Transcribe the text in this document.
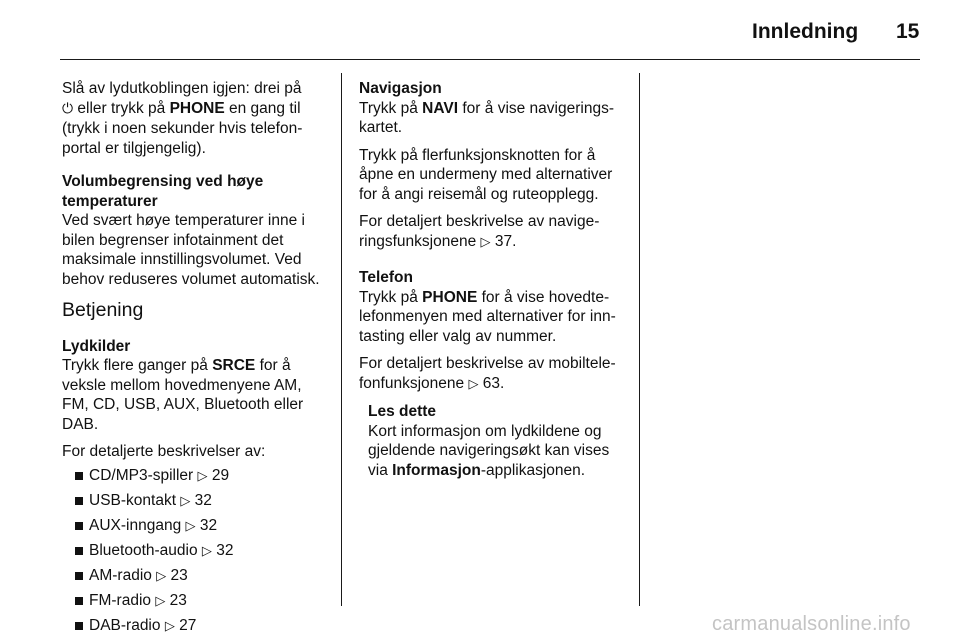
Innledning 15

Slå av lydutkoblingen igjen: drei på
⏻ eller trykk på PHONE en gang til
(trykk i noen sekunder hvis telefon-
portal er tilgjengelig).

Volumbegrensing ved høye
temperaturer
Ved svært høye temperaturer inne i
bilen begrenser infotainment det
maksimale innstillingsvolumet. Ved
behov reduseres volumet automatisk.

Betjening

Lydkilder
Trykk flere ganger på SRCE for å
veksle mellom hovedmenyene AM,
FM, CD, USB, AUX, Bluetooth eller
DAB.

For detaljerte beskrivelser av:

CD/MP3-spiller ▷ 29
USB-kontakt ▷ 32
AUX-inngang ▷ 32
Bluetooth-audio ▷ 32
AM-radio ▷ 23
FM-radio ▷ 23
DAB-radio ▷ 27

Navigasjon
Trykk på NAVI for å vise navigerings-
kartet.

Trykk på flerfunksjonsknotten for å
åpne en undermeny med alternativer
for å angi reisemål og ruteopplegg.

For detaljert beskrivelse av navige-
ringsfunksjonene ▷ 37.

Telefon
Trykk på PHONE for å vise hovedte-
lefonmenyen med alternativer for inn-
tasting eller valg av nummer.

For detaljert beskrivelse av mobiltele-
fonfunksjonene ▷ 63.

Les dette
Kort informasjon om lydkildene og
gjeldende navigeringsøkt kan vises
via Informasjon-applikasjonen.

carmanualsonline.info
